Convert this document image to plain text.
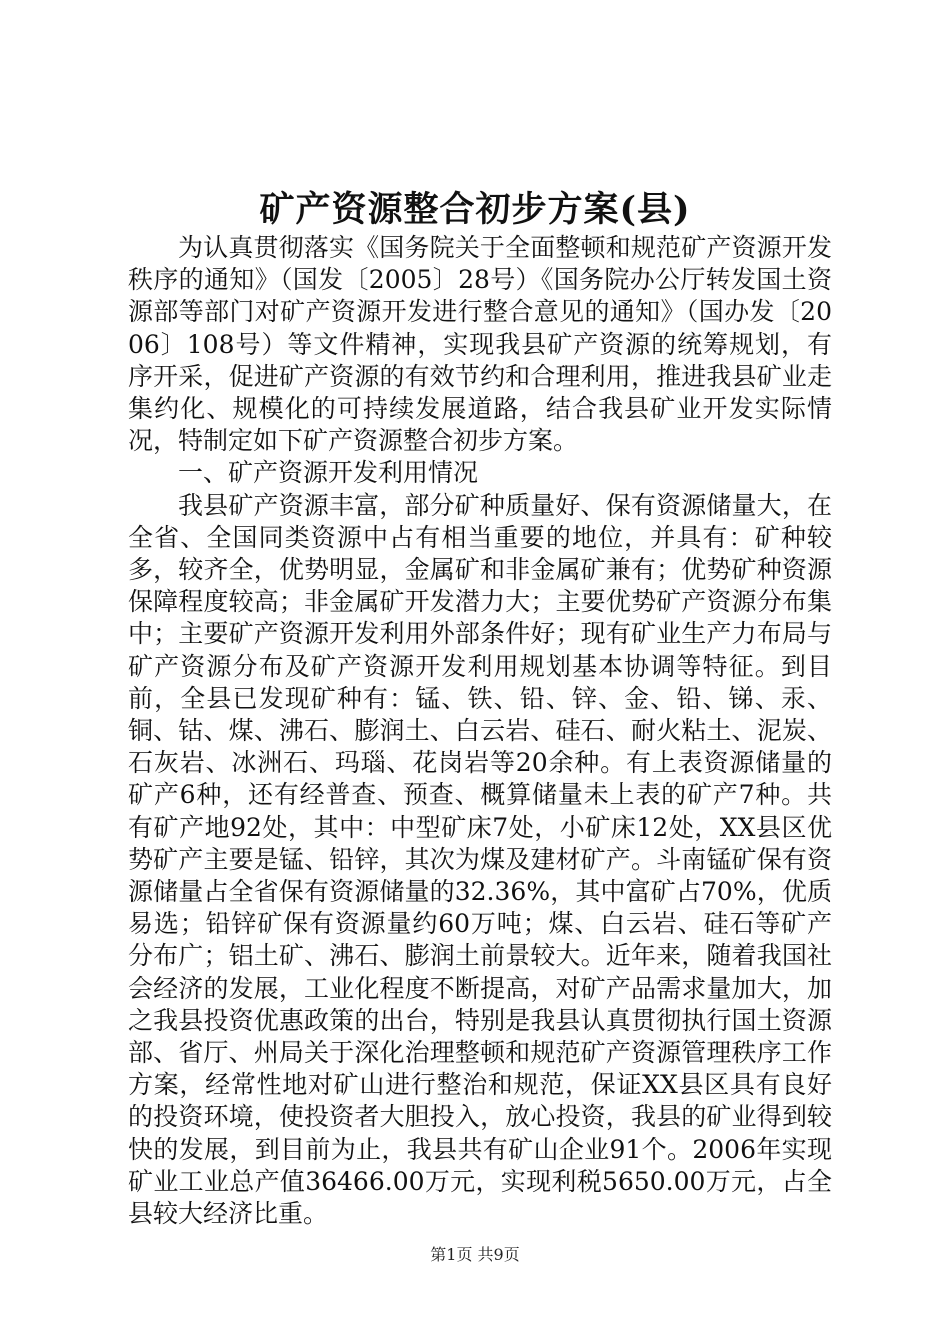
矿产资源整合初步方案(县)

为认真贯彻落实《国务院关于全面整顿和规范矿产资源开发秩序的通知》（国发〔2005〕28号）《国务院办公厅转发国土资源部等部门对矿产资源开发进行整合意见的通知》（国办发〔2006〕108号）等文件精神，实现我县矿产资源的统筹规划，有序开采，促进矿产资源的有效节约和合理利用，推进我县矿业走集约化、规模化的可持续发展道路，结合我县矿业开发实际情况，特制定如下矿产资源整合初步方案。

一、矿产资源开发利用情况

我县矿产资源丰富，部分矿种质量好、保有资源储量大，在全省、全国同类资源中占有相当重要的地位，并具有：矿种较多，较齐全，优势明显，金属矿和非金属矿兼有；优势矿种资源保障程度较高；非金属矿开发潜力大；主要优势矿产资源分布集中；主要矿产资源开发利用外部条件好；现有矿业生产力布局与矿产资源分布及矿产资源开发利用规划基本协调等特征。到目前，全县已发现矿种有：锰、铁、铅、锌、金、铅、锑、汞、铜、钴、煤、沸石、膨润土、白云岩、硅石、耐火粘土、泥炭、石灰岩、冰洲石、玛瑙、花岗岩等20余种。有上表资源储量的矿产6种，还有经普查、预查、概算储量未上表的矿产7种。共有矿产地92处，其中：中型矿床7处，小矿床12处，XX县区优势矿产主要是锰、铅锌，其次为煤及建材矿产。斗南锰矿保有资源储量占全省保有资源储量的32.36%，其中富矿占70%，优质易选；铅锌矿保有资源量约60万吨；煤、白云岩、硅石等矿产分布广；铝土矿、沸石、膨润土前景较大。近年来，随着我国社会经济的发展，工业化程度不断提高，对矿产品需求量加大，加之我县投资优惠政策的出台，特别是我县认真贯彻执行国土资源部、省厅、州局关于深化治理整顿和规范矿产资源管理秩序工作方案，经常性地对矿山进行整治和规范，保证XX县区具有良好的投资环境，使投资者大胆投入，放心投资，我县的矿业得到较快的发展，到目前为止，我县共有矿山企业91个。2006年实现矿业工业总产值36466.00万元，实现利税5650.00万元，占全县较大经济比重。

第1页 共9页
